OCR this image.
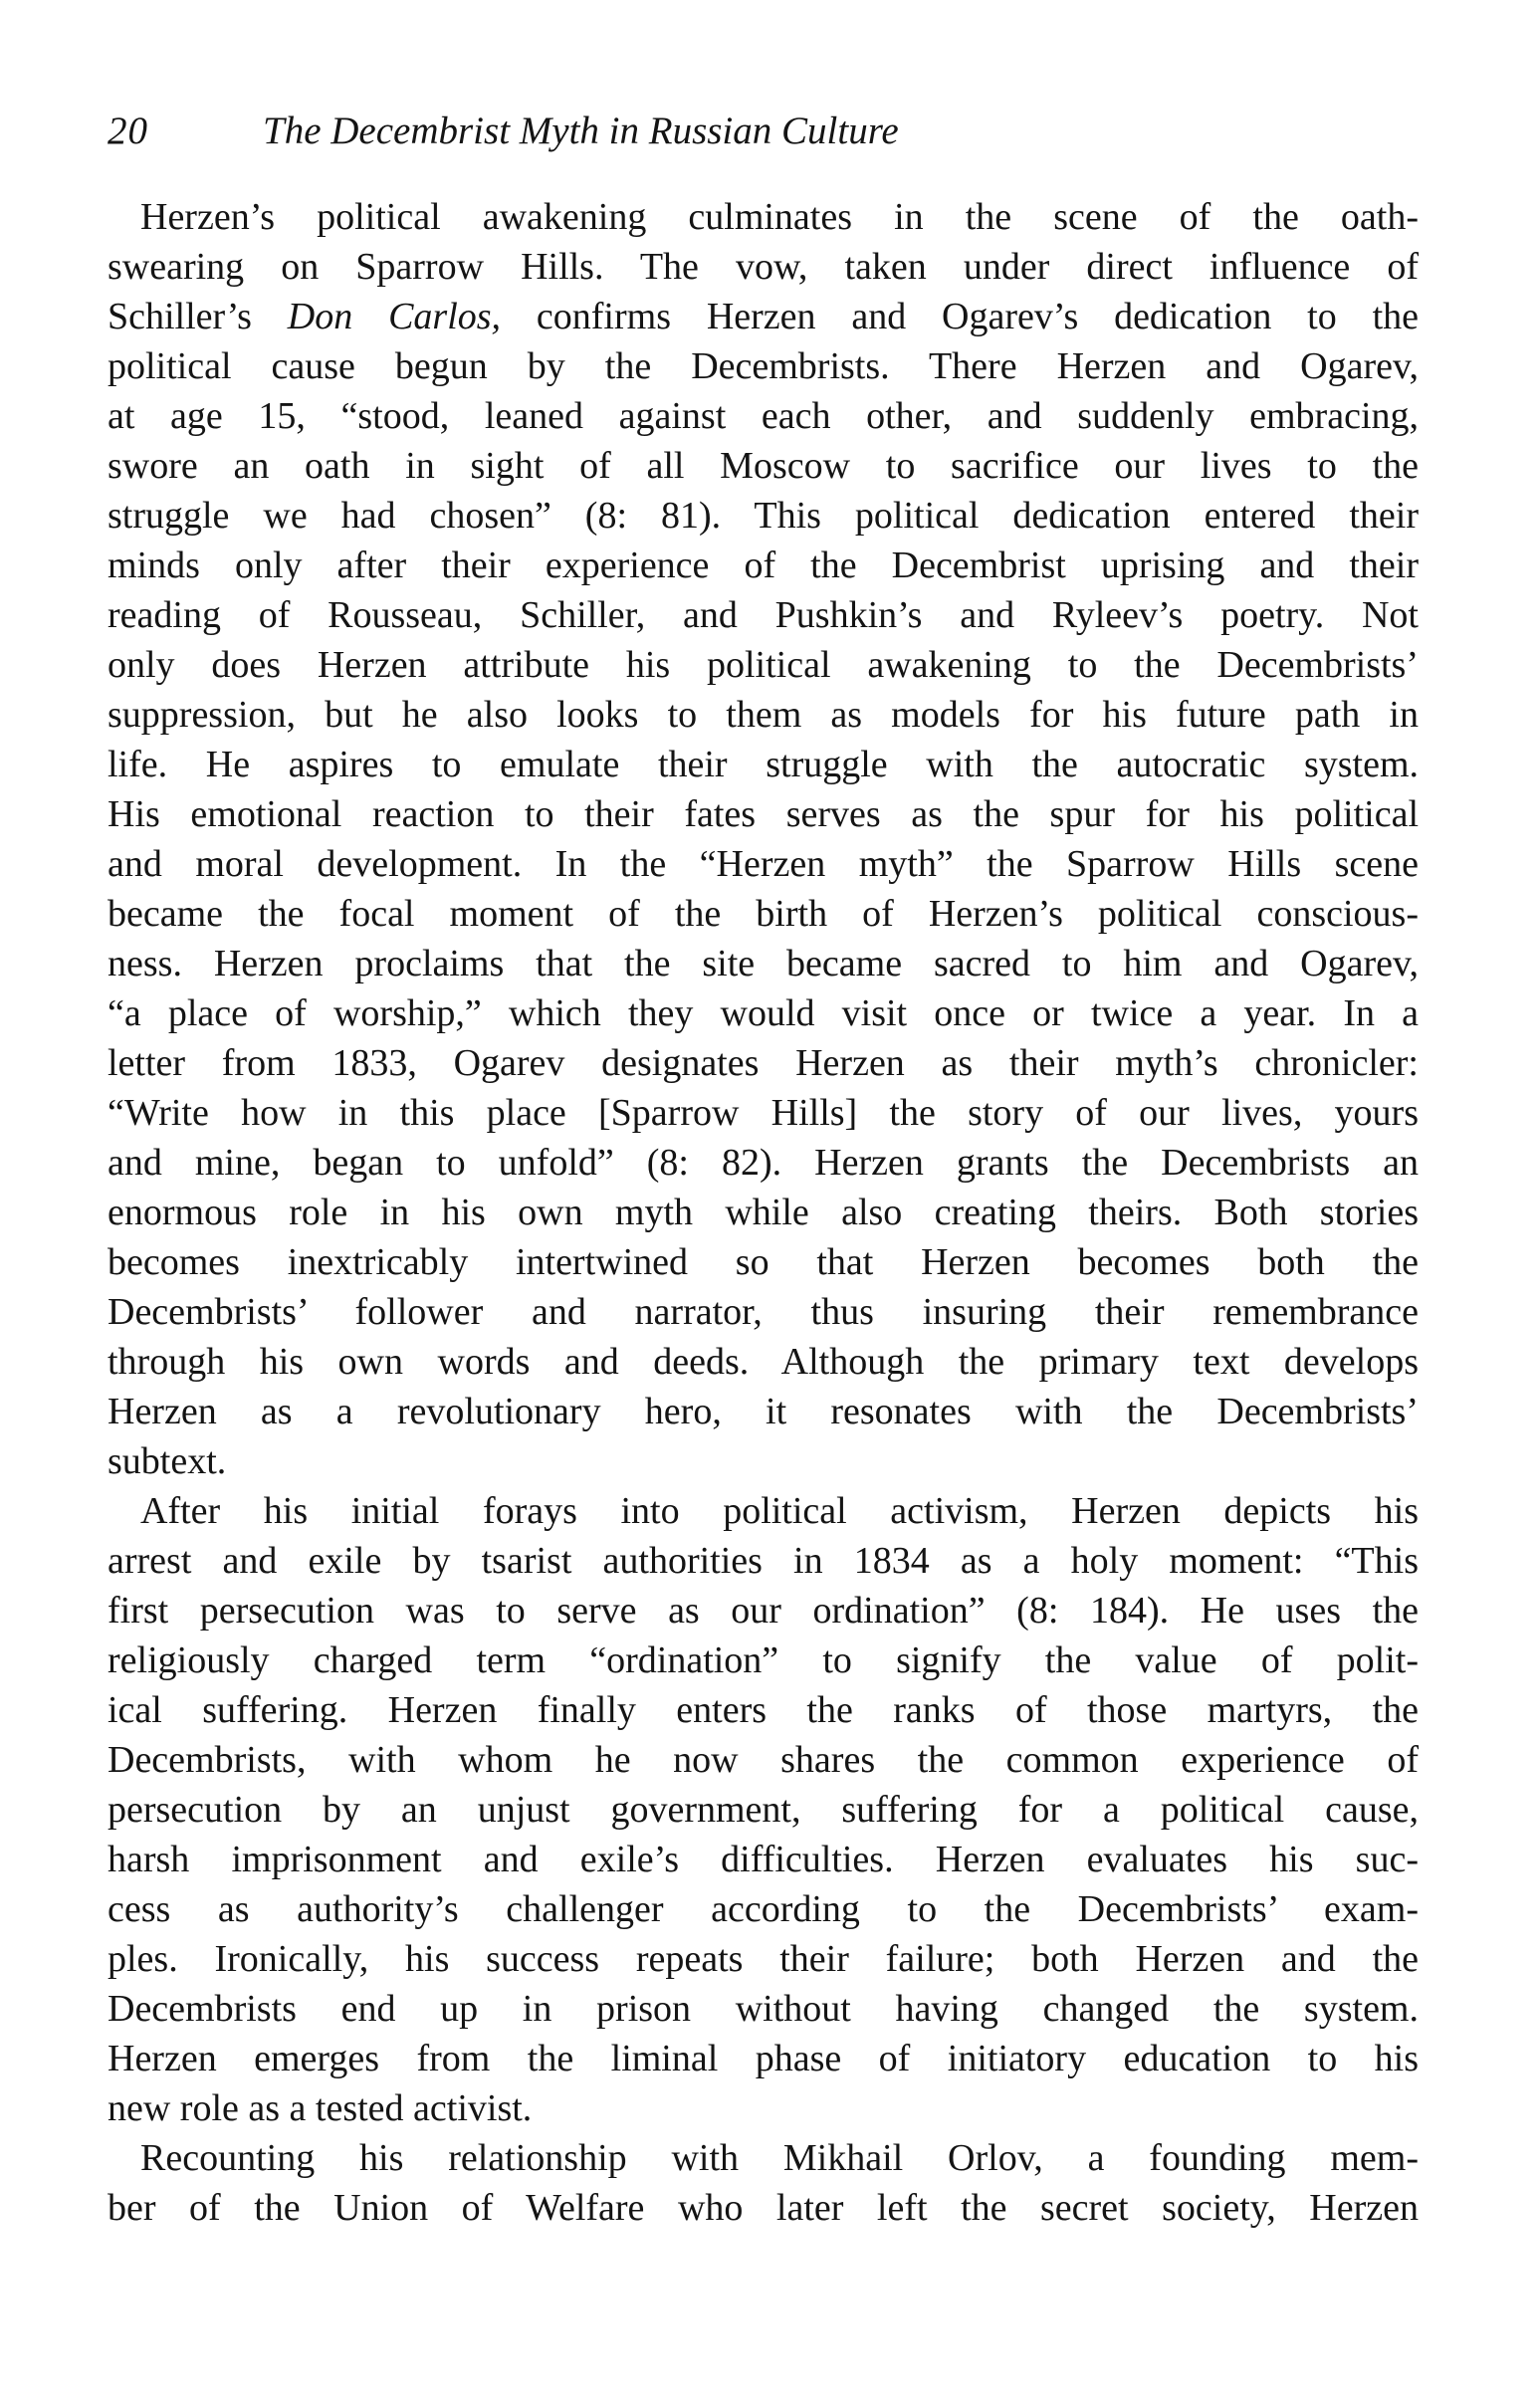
20	The Decembrist Myth in Russian Culture
Herzen’s political awakening culminates in the scene of the oath-
swearing on Sparrow Hills. The vow, taken under direct influence of
Schiller’s Don Carlos, confirms Herzen and Ogarev’s dedication to the
political cause begun by the Decembrists. There Herzen and Ogarev,
at age 15, “stood, leaned against each other, and suddenly embracing,
swore an oath in sight of all Moscow to sacrifice our lives to the
struggle we had chosen” (8: 81). This political dedication entered their
minds only after their experience of the Decembrist uprising and their
reading of Rousseau, Schiller, and Pushkin’s and Ryleev’s poetry. Not
only does Herzen attribute his political awakening to the Decembrists’
suppression, but he also looks to them as models for his future path in
life. He aspires to emulate their struggle with the autocratic system.
His emotional reaction to their fates serves as the spur for his political
and moral development. In the “Herzen myth” the Sparrow Hills scene
became the focal moment of the birth of Herzen’s political conscious-
ness. Herzen proclaims that the site became sacred to him and Ogarev,
“a place of worship,” which they would visit once or twice a year. In a
letter from 1833, Ogarev designates Herzen as their myth’s chronicler:
“Write how in this place [Sparrow Hills] the story of our lives, yours
and mine, began to unfold” (8: 82). Herzen grants the Decembrists an
enormous role in his own myth while also creating theirs. Both stories
becomes inextricably intertwined so that Herzen becomes both the
Decembrists’ follower and narrator, thus insuring their remembrance
through his own words and deeds. Although the primary text develops
Herzen as a revolutionary hero, it resonates with the Decembrists’
subtext.
After his initial forays into political activism, Herzen depicts his
arrest and exile by tsarist authorities in 1834 as a holy moment: “This
first persecution was to serve as our ordination” (8: 184). He uses the
religiously charged term “ordination” to signify the value of polit-
ical suffering. Herzen finally enters the ranks of those martyrs, the
Decembrists, with whom he now shares the common experience of
persecution by an unjust government, suffering for a political cause,
harsh imprisonment and exile’s difficulties. Herzen evaluates his suc-
cess as authority’s challenger according to the Decembrists’ exam-
ples. Ironically, his success repeats their failure; both Herzen and the
Decembrists end up in prison without having changed the system.
Herzen emerges from the liminal phase of initiatory education to his
new role as a tested activist.
Recounting his relationship with Mikhail Orlov, a founding mem-
ber of the Union of Welfare who later left the secret society, Herzen
